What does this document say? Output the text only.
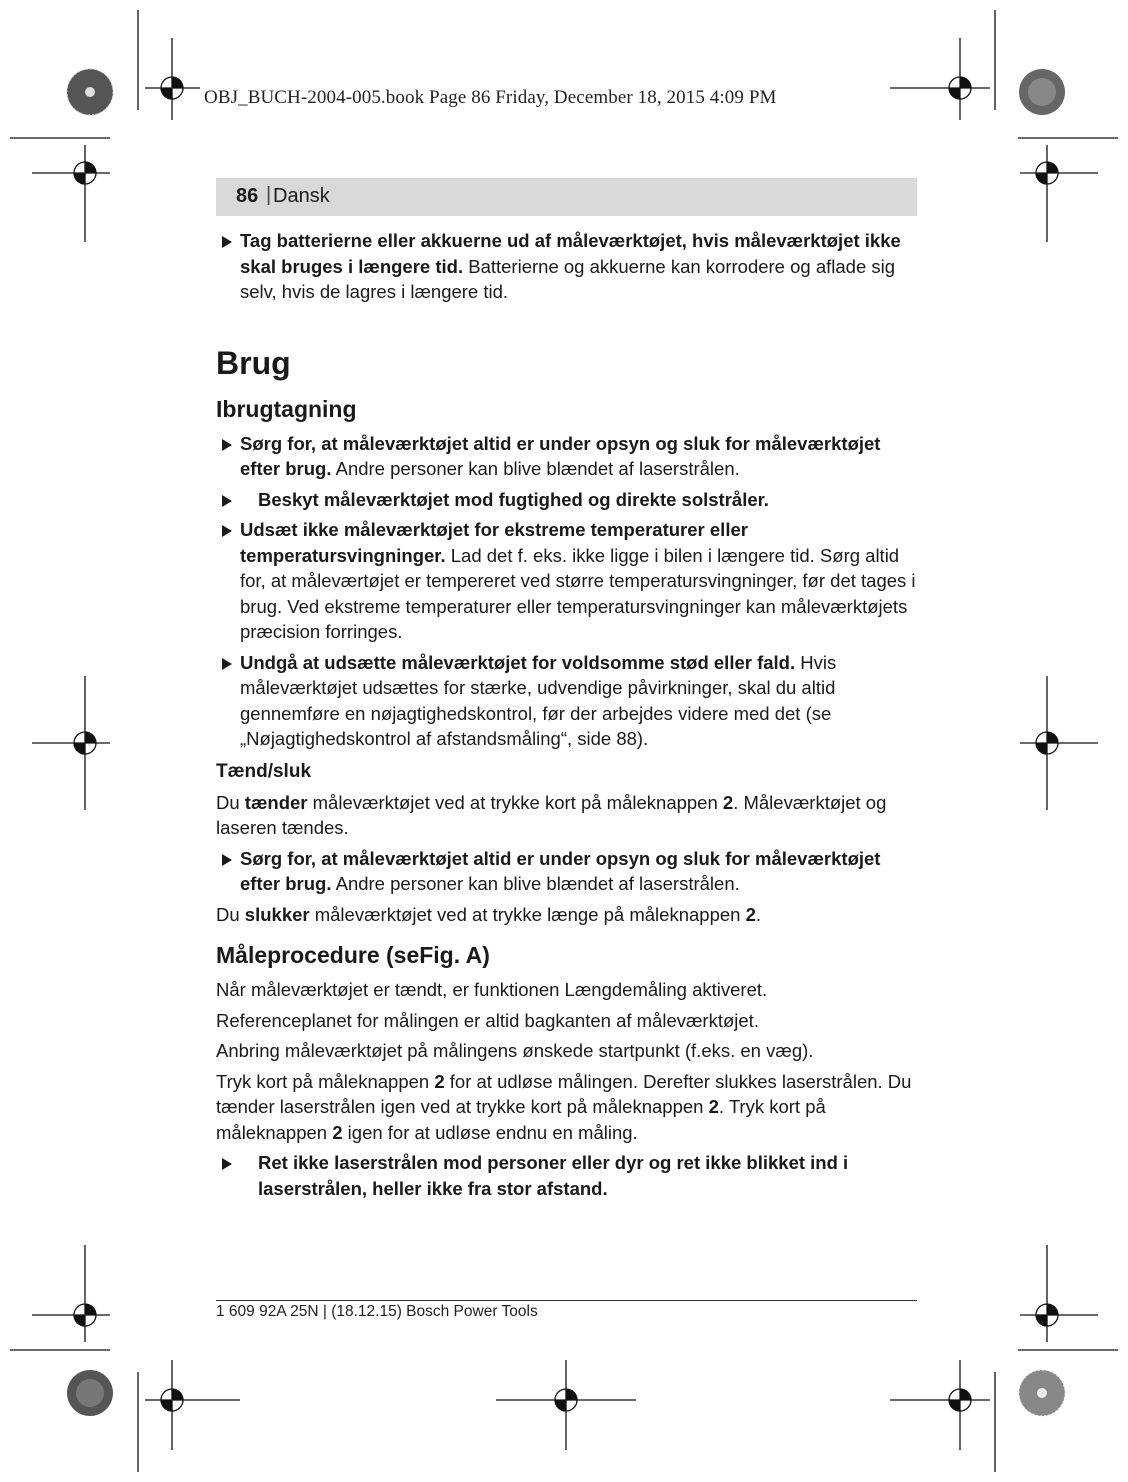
OBJ_BUCH-2004-005.book Page 86 Friday, December 18, 2015 4:09 PM
86 | Dansk
Tag batterierne eller akkuerne ud af måleværktøjet, hvis måleværktøjet ikke skal bruges i længere tid. Batterierne og akkuerne kan korrodere og aflade sig selv, hvis de lagres i længere tid.
Brug
Ibrugtagning
Sørg for, at måleværktøjet altid er under opsyn og sluk for måleværktøjet efter brug. Andre personer kan blive blændet af laserstrålen.
Beskyt måleværktøjet mod fugtighed og direkte solstråler.
Udsæt ikke måleværktøjet for ekstreme temperaturer eller temperatursvingninger. Lad det f. eks. ikke ligge i bilen i længere tid. Sørg altid for, at måleværtøjet er tempereret ved større temperatursvingninger, før det tages i brug. Ved ekstreme temperaturer eller temperatursvingninger kan måleværktøjets præcision forringes.
Undgå at udsætte måleværktøjet for voldsomme stød eller fald. Hvis måleværktøjet udsættes for stærke, udvendige påvirkninger, skal du altid gennemføre en nøjagtighedskontrol, før der arbejdes videre med det (se „Nøjagtighedskontrol af afstandsmåling“, side 88).
Tænd/sluk

Du tænder måleværktøjet ved at trykke kort på måleknappen 2. Måleværktøjet og laseren tændes.

Sørg for, at måleværktøjet altid er under opsyn og sluk for måleværktøjet efter brug. Andre personer kan blive blændet af laserstrålen.

Du slukker måleværktøjet ved at trykke længe på måleknappen 2.

Måleprocedure (seFig. A)

Når måleværktøjet er tændt, er funktionen Længdemåling aktiveret.

Referenceplanet for målingen er altid bagkanten af måleværktøjet.

Anbring måleværktøjet på målingens ønskede startpunkt (f.eks. en væg).

Tryk kort på måleknappen 2 for at udløse målingen. Derefter slukkes laserstrålen. Du tænder laserstrålen igen ved at trykke kort på måleknappen 2. Tryk kort på måleknappen 2 igen for at udløse endnu en måling.

Ret ikke laserstrålen mod personer eller dyr og ret ikke blikket ind i laserstrålen, heller ikke fra stor afstand.
1 609 92A 25N | (18.12.15) Bosch Power Tools
